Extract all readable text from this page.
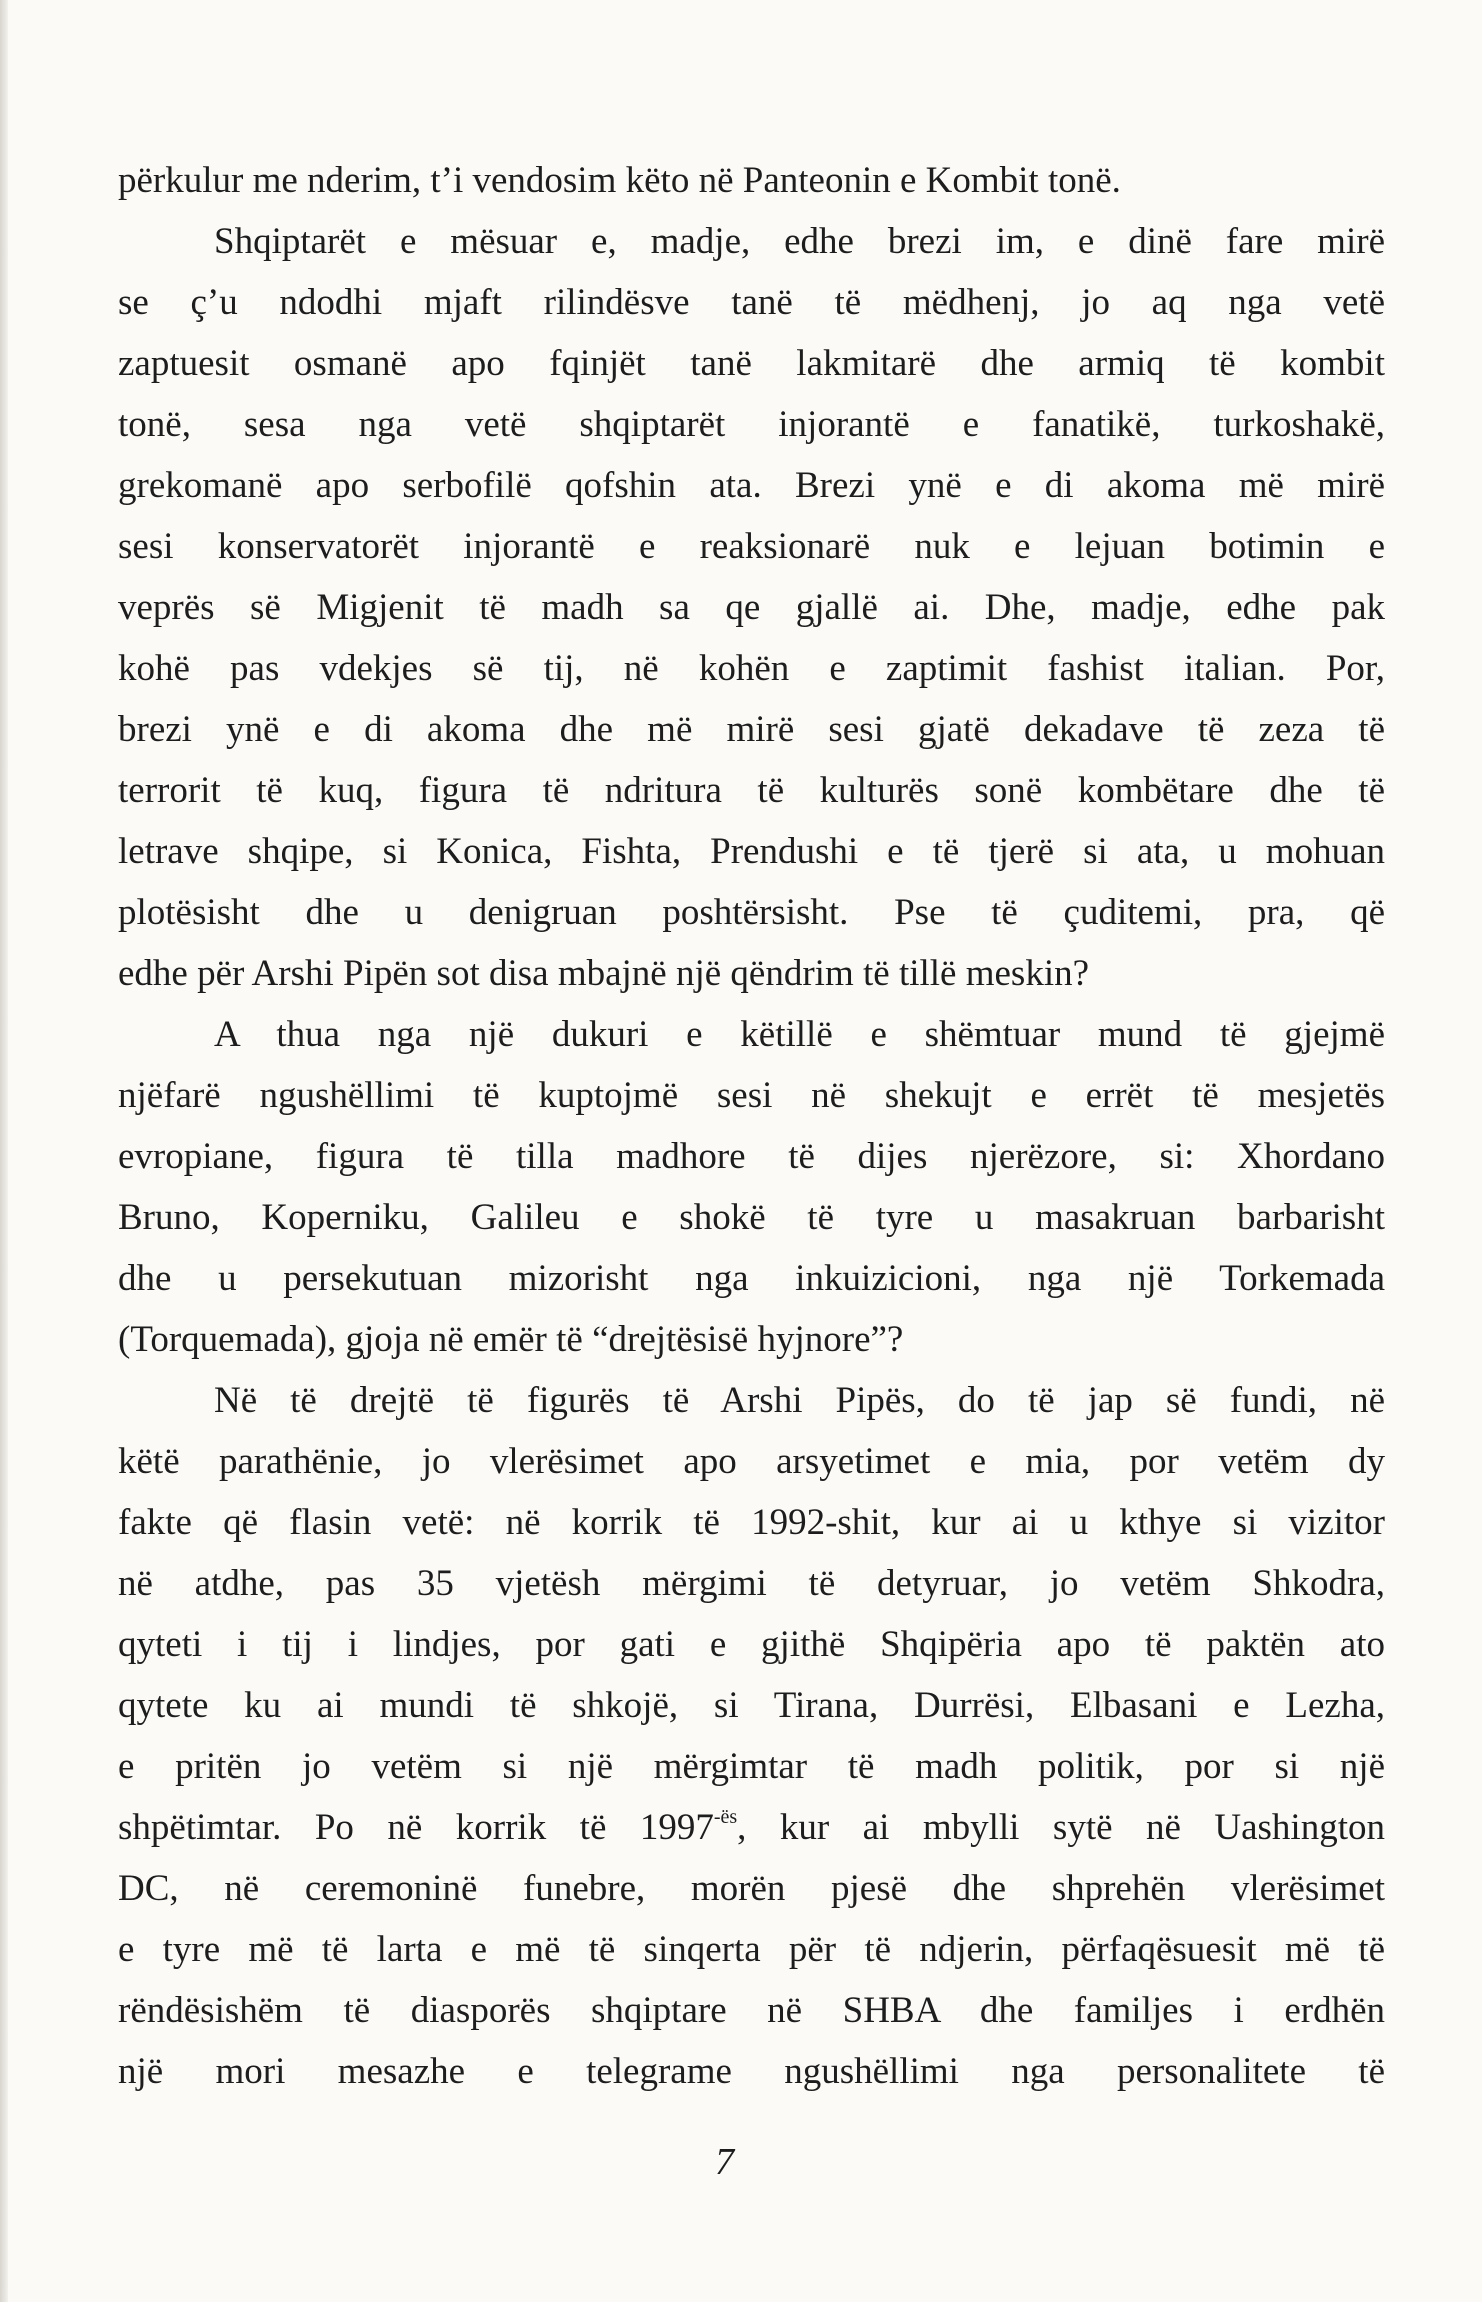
përkulur me nderim, t’i vendosim këto në Panteonin e Kombit tonë.
Shqiptarët e mësuar e, madje, edhe brezi im, e dinë fare mirë
se ç’u ndodhi mjaft rilindësve tanë të mëdhenj, jo aq nga vetë
zaptuesit osmanë apo fqinjët tanë lakmitarë dhe armiq të kombit
tonë, sesa nga vetë shqiptarët injorantë e fanatikë, turkoshakë,
grekomanë apo serbofilë qofshin ata. Brezi ynë e di akoma më mirë
sesi konservatorët injorantë e reaksionarë nuk e lejuan botimin e
veprës së Migjenit të madh sa qe gjallë ai. Dhe, madje, edhe pak
kohë pas vdekjes së tij, në kohën e zaptimit fashist italian. Por,
brezi ynë e di akoma dhe më mirë sesi gjatë dekadave të zeza të
terrorit të kuq, figura të ndritura të kulturës sonë kombëtare dhe të
letrave shqipe, si Konica, Fishta, Prendushi e të tjerë si ata, u mohuan
plotësisht dhe u denigruan poshtërsisht. Pse të çuditemi, pra, që
edhe për Arshi Pipën sot disa mbajnë një qëndrim të tillë meskin?
A thua nga një dukuri e këtillë e shëmtuar mund të gjejmë
njëfarë ngushëllimi të kuptojmë sesi në shekujt e errët të mesjetës
evropiane, figura të tilla madhore të dijes njerëzore, si: Xhordano
Bruno, Koperniku, Galileu e shokë të tyre u masakruan barbarisht
dhe u persekutuan mizorisht nga inkuizicioni, nga një Torkemada
(Torquemada), gjoja në emër të “drejtësisë hyjnore”?
Në të drejtë të figurës të Arshi Pipës, do të jap së fundi, në
këtë parathënie, jo vlerësimet apo arsyetimet e mia, por vetëm dy
fakte që flasin vetë: në korrik të 1992-shit, kur ai u kthye si vizitor
në atdhe, pas 35 vjetësh mërgimi të detyruar, jo vetëm Shkodra,
qyteti i tij i lindjes, por gati e gjithë Shqipëria apo të paktën ato
qytete ku ai mundi të shkojë, si Tirana, Durrësi, Elbasani e Lezha,
e pritën jo vetëm si një mërgimtar të madh politik, por si një
shpëtimtar. Po në korrik të $1997^{-ës}$, kur ai mbylli sytë në Uashington
DC, në ceremoninë funebre, morën pjesë dhe shprehën vlerësimet
e tyre më të larta e më të sinqerta për të ndjerin, përfaqësuesit më të
rëndësishëm të diasporës shqiptare në SHBA dhe familjes i erdhën
një mori mesazhe e telegrame ngushëllimi nga personalitete të
7
